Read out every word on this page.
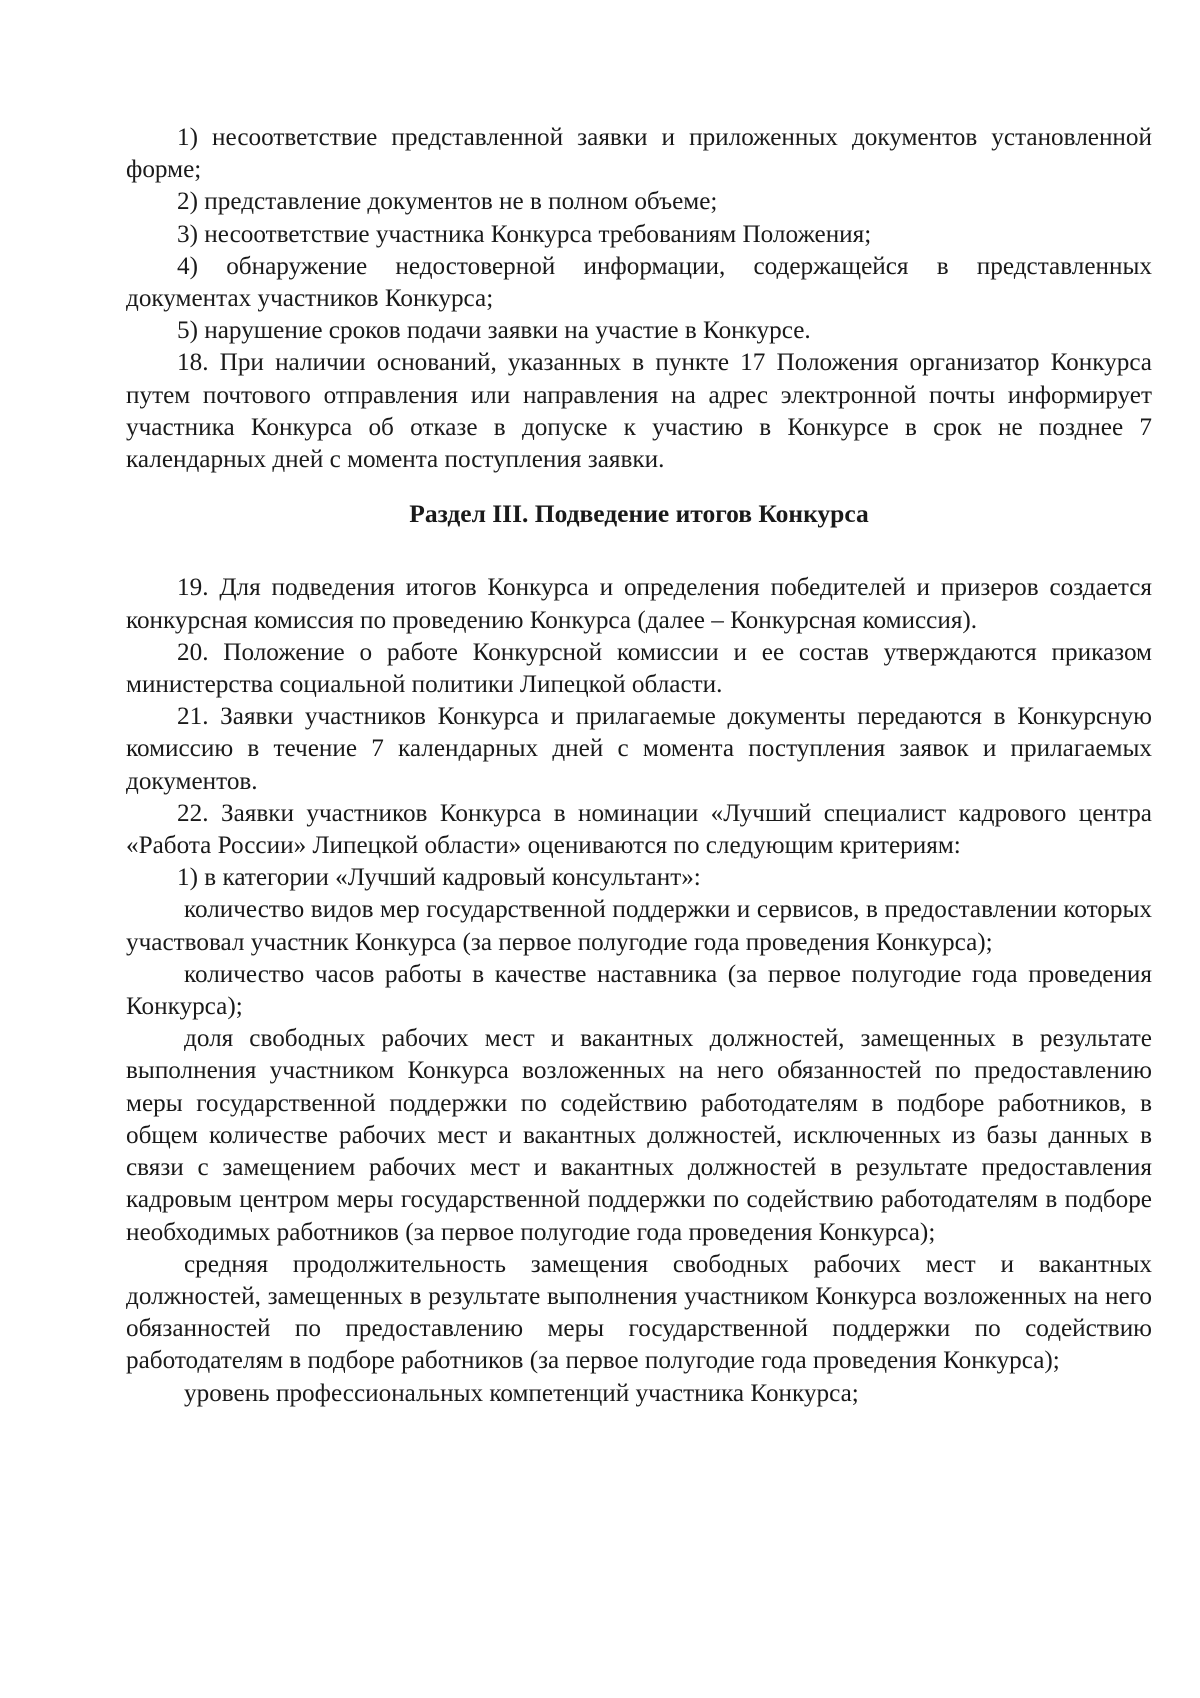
1) несоответствие представленной заявки и приложенных документов установленной форме;

2) представление документов не в полном объеме;

3) несоответствие участника Конкурса требованиям Положения;

4) обнаружение недостоверной информации, содержащейся в представленных документах участников Конкурса;

5) нарушение сроков подачи заявки на участие в Конкурсе.

18. При наличии оснований, указанных в пункте 17 Положения организатор Конкурса путем почтового отправления или направления на адрес электронной почты информирует участника Конкурса об отказе в допуске к участию в Конкурсе в срок не позднее 7 календарных дней с момента поступления заявки.

Раздел III. Подведение итогов Конкурса

19. Для подведения итогов Конкурса и определения победителей и призеров создается конкурсная комиссия по проведению Конкурса (далее – Конкурсная комиссия).

20. Положение о работе Конкурсной комиссии и ее состав утверждаются приказом министерства социальной политики Липецкой области.

21. Заявки участников Конкурса и прилагаемые документы передаются в Конкурсную комиссию в течение 7 календарных дней с момента поступления заявок и прилагаемых документов.

22. Заявки участников Конкурса в номинации «Лучший специалист кадрового центра «Работа России» Липецкой области» оцениваются по следующим критериям:

1) в категории «Лучший кадровый консультант»:

количество видов мер государственной поддержки и сервисов, в предоставлении которых участвовал участник Конкурса (за первое полугодие года проведения Конкурса);

количество часов работы в качестве наставника (за первое полугодие года проведения Конкурса);

доля свободных рабочих мест и вакантных должностей, замещенных в результате выполнения участником Конкурса возложенных на него обязанностей по предоставлению меры государственной поддержки по содействию работодателям в подборе работников, в общем количестве рабочих мест и вакантных должностей, исключенных из базы данных в связи с замещением рабочих мест и вакантных должностей в результате предоставления кадровым центром меры государственной поддержки по содействию работодателям в подборе необходимых работников (за первое полугодие года проведения Конкурса);

средняя продолжительность замещения свободных рабочих мест и вакантных должностей, замещенных в результате выполнения участником Конкурса возложенных на него обязанностей по предоставлению меры государственной поддержки по содействию работодателям в подборе работников (за первое полугодие года проведения Конкурса);

уровень профессиональных компетенций участника Конкурса;
